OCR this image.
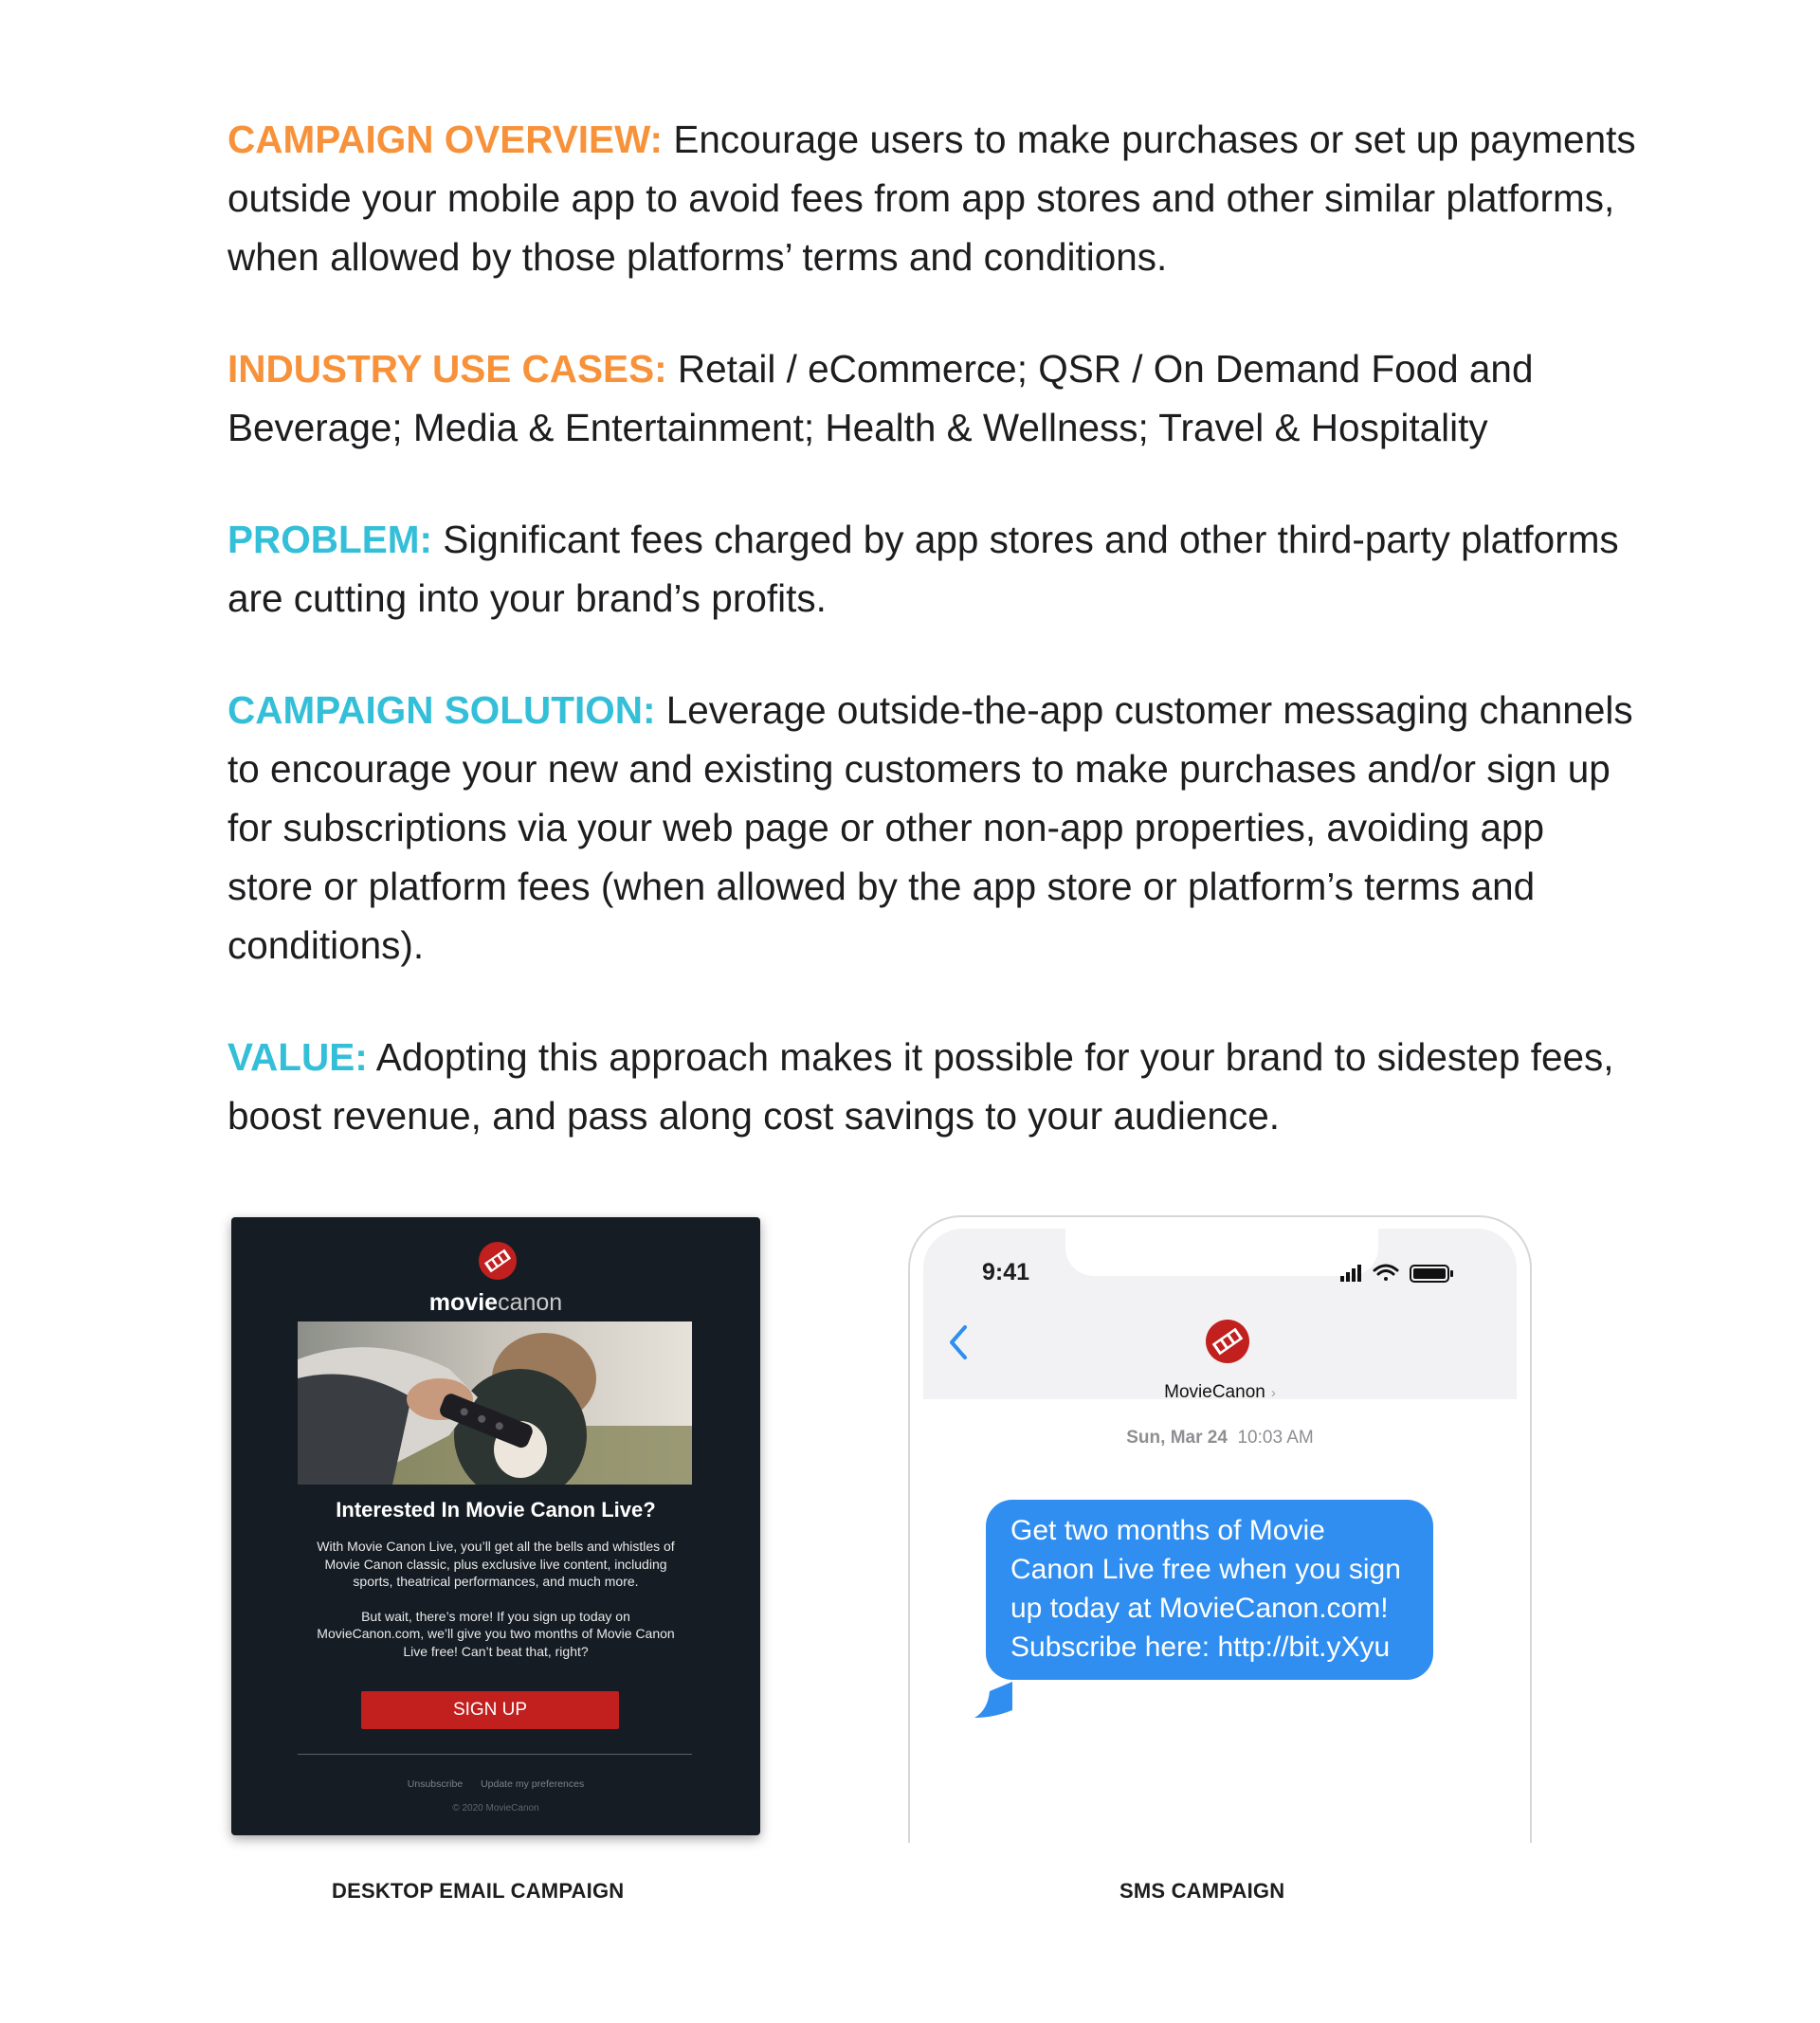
CAMPAIGN OVERVIEW: Encourage users to make purchases or set up payments outside your mobile app to avoid fees from app stores and other similar platforms, when allowed by those platforms’ terms and conditions.

INDUSTRY USE CASES: Retail / eCommerce; QSR / On Demand Food and Beverage; Media & Entertainment; Health & Wellness; Travel & Hospitality

PROBLEM: Significant fees charged by app stores and other third-party platforms are cutting into your brand’s profits.

CAMPAIGN SOLUTION: Leverage outside-the-app customer messaging channels to encourage your new and existing customers to make purchases and/or sign up for subscriptions via your web page or other non-app properties, avoiding app store or platform fees (when allowed by the app store or platform’s terms and conditions).

VALUE: Adopting this approach makes it possible for your brand to sidestep fees, boost revenue, and pass along cost savings to your audience.

moviecanon
Interested In Movie Canon Live?

With Movie Canon Live, you’ll get all the bells and whistles of Movie Canon classic, plus exclusive live content, including sports, theatrical performances, and much more.

But wait, there’s more! If you sign up today on MovieCanon.com, we’ll give you two months of Movie Canon Live free! Can’t beat that, right?

SIGN UP
Unsubscribe Update my preferences
© 2020 MovieCanon
9:41
MovieCanon ›
Sun, Mar 24 10:03 AM
Get two months of Movie Canon Live free when you sign up today at MovieCanon.com! Subscribe here: http://bit.yXyu
DESKTOP EMAIL CAMPAIGN	SMS CAMPAIGN
